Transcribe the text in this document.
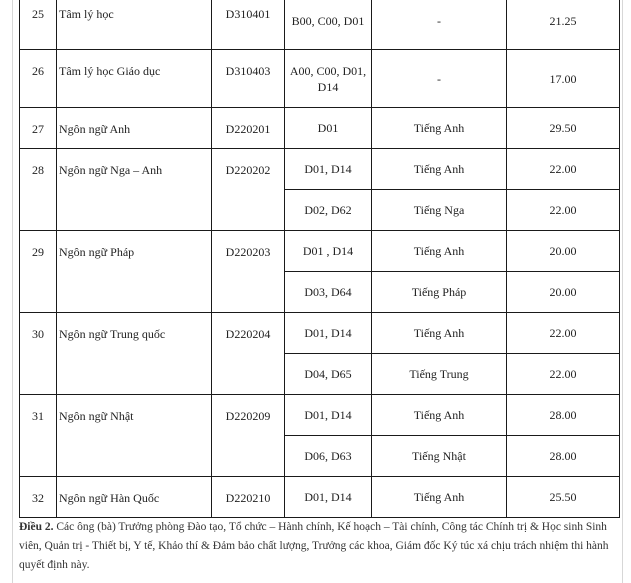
25	Tâm lý học	D310401	B00, C00, D01	-	21.25
26	Tâm lý học Giáo dục	D310403	A00, C00, D01, D14	-	17.00
27	Ngôn ngữ Anh	D220201	D01	Tiếng Anh	29.50
28	Ngôn ngữ Nga – Anh	D220202	D01, D14	Tiếng Anh	22.00
			D02, D62	Tiếng Nga	22.00
29	Ngôn ngữ Pháp	D220203	D01 , D14	Tiếng Anh	20.00
			D03, D64	Tiếng Pháp	20.00
30	Ngôn ngữ Trung quốc	D220204	D01, D14	Tiếng Anh	22.00
			D04, D65	Tiếng Trung	22.00
31	Ngôn ngữ Nhật	D220209	D01, D14	Tiếng Anh	28.00
			D06, D63	Tiếng Nhật	28.00
32	Ngôn ngữ Hàn Quốc	D220210	D01, D14	Tiếng Anh	25.50

Điều 2. Các ông (bà) Trưởng phòng Đào tạo, Tổ chức – Hành chính, Kế hoạch – Tài chính, Công tác Chính trị & Học sinh Sinh viên, Quản trị - Thiết bị, Y tế, Khảo thí & Đảm bảo chất lượng, Trưởng các khoa, Giám đốc Ký túc xá chịu trách nhiệm thi hành quyết định này.
